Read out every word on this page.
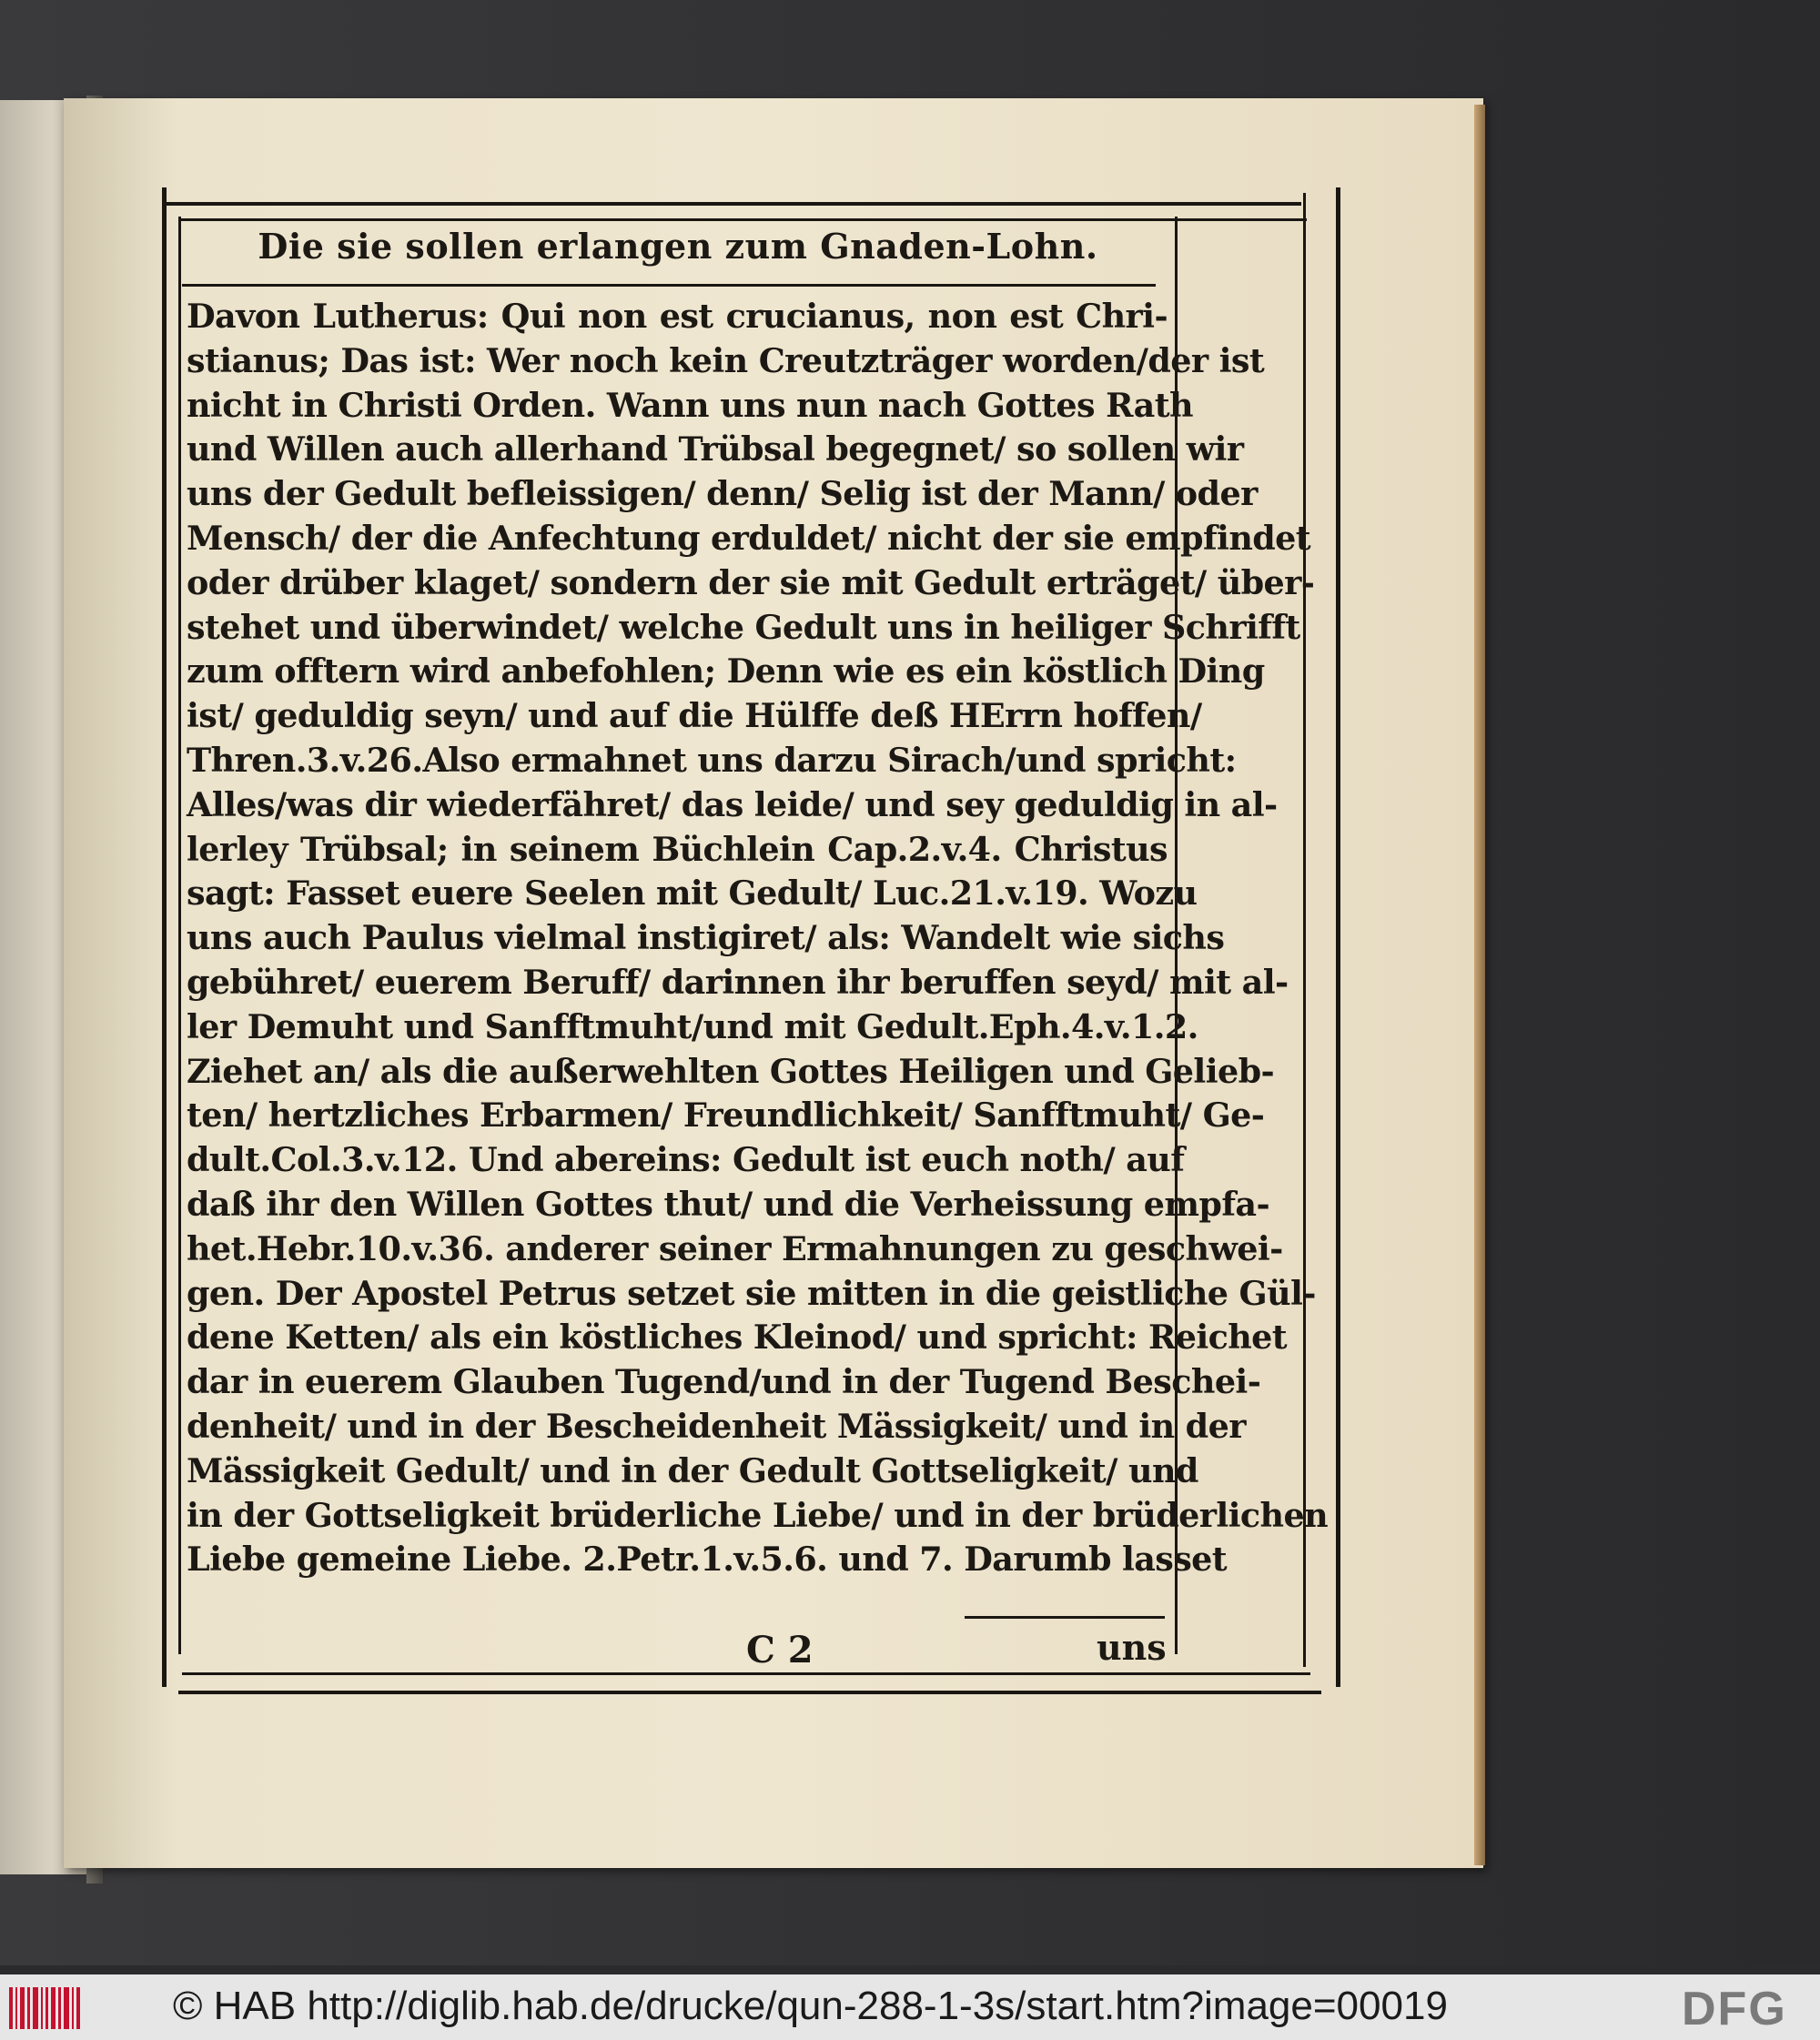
Die sie sollen erlangen zum Gnaden-Lohn.
Davon Lutherus: Qui non est crucianus, non est Chri-
stianus; Das ist: Wer noch kein Creutzträger worden/der ist
nicht in Christi Orden. Wann uns nun nach Gottes Rath
und Willen auch allerhand Trübsal begegnet/ so sollen wir
uns der Gedult befleissigen/ denn/ Selig ist der Mann/ oder
Mensch/ der die Anfechtung erduldet/ nicht der sie empfindet
oder drüber klaget/ sondern der sie mit Gedult erträget/ über-
stehet und überwindet/ welche Gedult uns in heiliger Schrifft
zum offtern wird anbefohlen; Denn wie es ein köstlich Ding
ist/ geduldig seyn/ und auf die Hülffe deß HErrn hoffen/
Thren.3.v.26.Also ermahnet uns darzu Sirach/und spricht:
Alles/was dir wiederfähret/ das leide/ und sey geduldig in al-
lerley Trübsal; in seinem Büchlein Cap.2.v.4. Christus
sagt: Fasset euere Seelen mit Gedult/ Luc.21.v.19. Wozu
uns auch Paulus vielmal instigiret/ als: Wandelt wie sichs
gebühret/ euerem Beruff/ darinnen ihr beruffen seyd/ mit al-
ler Demuht und Sanfftmuht/und mit Gedult.Eph.4.v.1.2.
Ziehet an/ als die außerwehlten Gottes Heiligen und Gelieb-
ten/ hertzliches Erbarmen/ Freundlichkeit/ Sanfftmuht/ Ge-
dult.Col.3.v.12. Und abereins: Gedult ist euch noth/ auf
daß ihr den Willen Gottes thut/ und die Verheissung empfa-
het.Hebr.10.v.36. anderer seiner Ermahnungen zu geschwei-
gen. Der Apostel Petrus setzet sie mitten in die geistliche Gül-
dene Ketten/ als ein köstliches Kleinod/ und spricht: Reichet
dar in euerem Glauben Tugend/und in der Tugend Beschei-
denheit/ und in der Bescheidenheit Mässigkeit/ und in der
Mässigkeit Gedult/ und in der Gedult Gottseligkeit/ und
in der Gottseligkeit brüderliche Liebe/ und in der brüderlichen
Liebe gemeine Liebe. 2.Petr.1.v.5.6. und 7. Darumb lasset
C 2	uns
© HAB http://diglib.hab.de/drucke/qun-288-1-3s/start.htm?image=00019	DFG
